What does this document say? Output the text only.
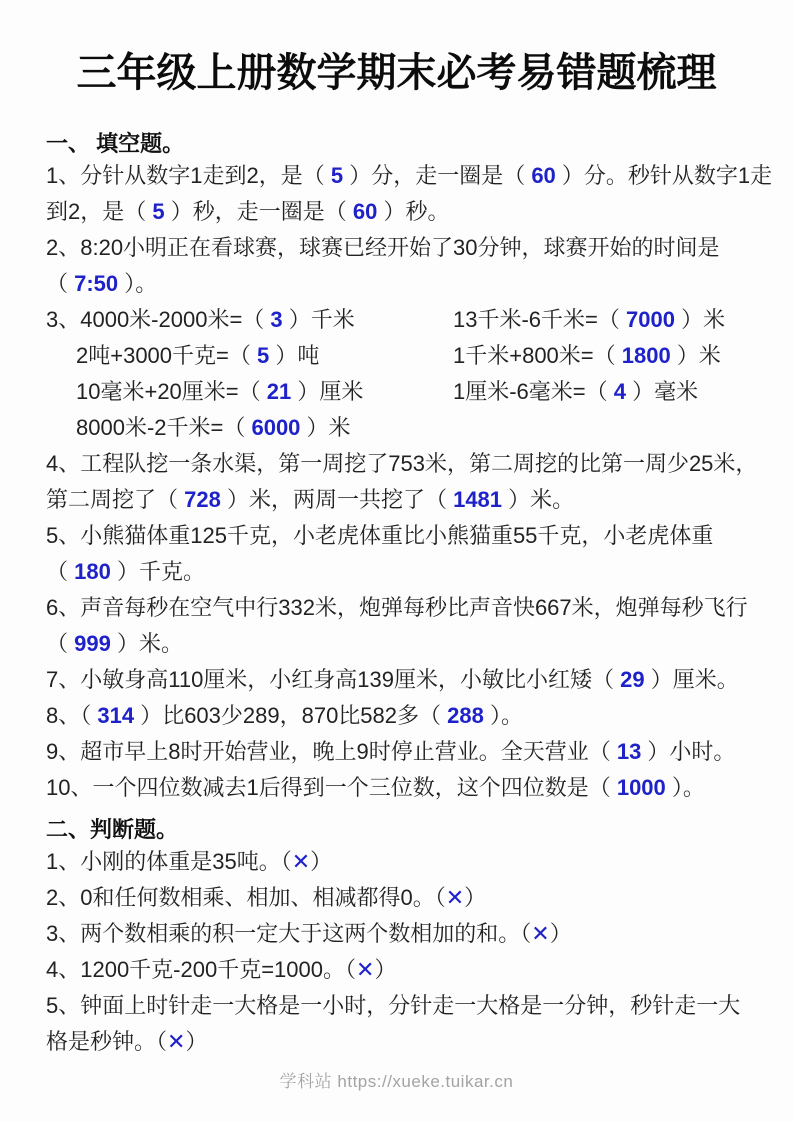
三年级上册数学期末必考易错题梳理
一、 填空题。
1、分针从数字1走到2，是（ 5 ）分，走一圈是（ 60 ）分。秒针从数字1走
到2，是（ 5 ）秒，走一圈是（ 60 ）秒。
2、8:20小明正在看球赛，球赛已经开始了30分钟，球赛开始的时间是
（ 7:50 ）。
3、4000米-2000米=（ 3 ）千米	13千米-6千米=（ 7000 ）米
2吨+3000千克=（ 5 ）吨	1千米+800米=（ 1800 ）米
10毫米+20厘米=（ 21 ）厘米	1厘米-6毫米=（ 4 ）毫米
8000米-2千米=（ 6000 ）米
4、工程队挖一条水渠，第一周挖了753米，第二周挖的比第一周少25米，
第二周挖了（ 728 ）米，两周一共挖了（ 1481 ）米。
5、小熊猫体重125千克，小老虎体重比小熊猫重55千克，小老虎体重
（ 180 ）千克。
6、声音每秒在空气中行332米，炮弹每秒比声音快667米，炮弹每秒飞行
（ 999 ）米。
7、小敏身高110厘米，小红身高139厘米，小敏比小红矮（ 29 ）厘米。
8、（ 314 ）比603少289，870比582多（ 288 ）。
9、超市早上8时开始营业，晚上9时停止营业。全天营业（ 13 ）小时。
10、一个四位数减去1后得到一个三位数，这个四位数是（ 1000 ）。
二、判断题。
1、小刚的体重是35吨。（✕）
2、0和任何数相乘、相加、相减都得0。（✕）
3、两个数相乘的积一定大于这两个数相加的和。（✕）
4、1200千克-200千克=1000。（✕）
5、钟面上时针走一大格是一小时，分针走一大格是一分钟，秒针走一大
格是秒钟。（✕）
学科站 https://xueke.tuikar.cn
